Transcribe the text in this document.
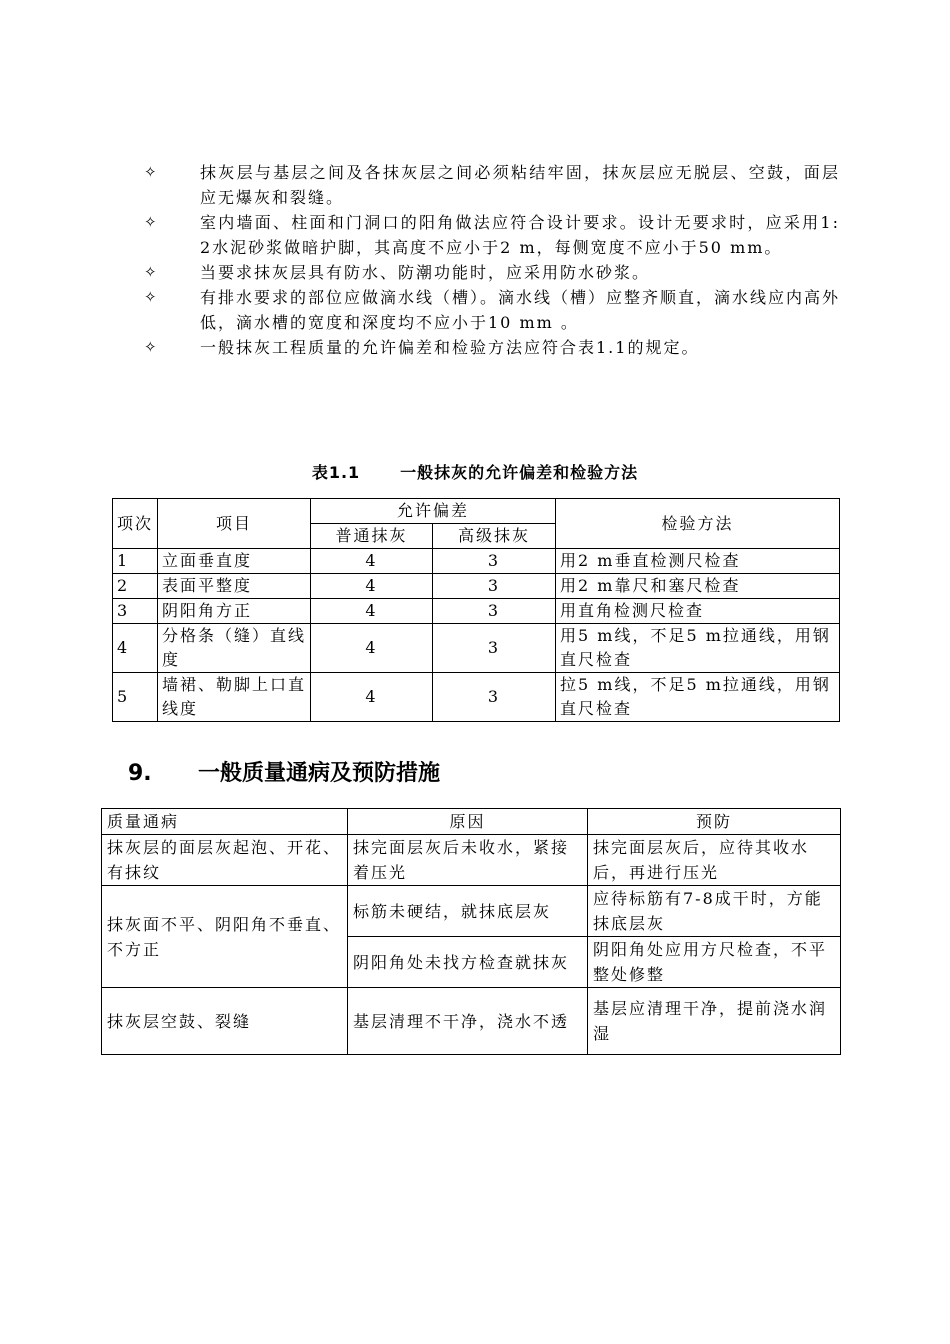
✧	抹灰层与基层之间及各抹灰层之间必须粘结牢固，抹灰层应无脱层、空鼓，面层应无爆灰和裂缝。
✧	室内墙面、柱面和门洞口的阳角做法应符合设计要求。设计无要求时，应采用1: 2水泥砂浆做暗护脚，其高度不应小于2 m，每侧宽度不应小于50 mm。
✧	当要求抹灰层具有防水、防潮功能时，应采用防水砂浆。
✧	有排水要求的部位应做滴水线（槽）。滴水线（槽）应整齐顺直，滴水线应内高外低，滴水槽的宽度和深度均不应小于10 mm 。
✧	一般抹灰工程质量的允许偏差和检验方法应符合表1.1的规定。
表1.1	一般抹灰的允许偏差和检验方法
项次	项目	允许偏差		检验方法
		普通抹灰	高级抹灰	
1	立面垂直度	4	3	用2 m垂直检测尺检查
2	表面平整度	4	3	用2 m靠尺和塞尺检查
3	阴阳角方正	4	3	用直角检测尺检查
4	分格条（缝）直线度	4	3	用5 m线，不足5 m拉通线，用钢直尺检查
5	墙裙、勒脚上口直线度	4	3	拉5 m线，不足5 m拉通线，用钢直尺检查
9. 一般质量通病及预防措施
质量通病	原因	预防
抹灰层的面层灰起泡、开花、有抹纹	抹完面层灰后未收水，紧接着压光	抹完面层灰后，应待其收水后，再进行压光
抹灰面不平、阴阳角不垂直、不方正	标筋未硬结，就抹底层灰	应待标筋有7-8成干时，方能抹底层灰
	阴阳角处未找方检查就抹灰	阴阳角处应用方尺检查，不平整处修整
抹灰层空鼓、裂缝	基层清理不干净，浇水不透	基层应清理干净，提前浇水润湿
